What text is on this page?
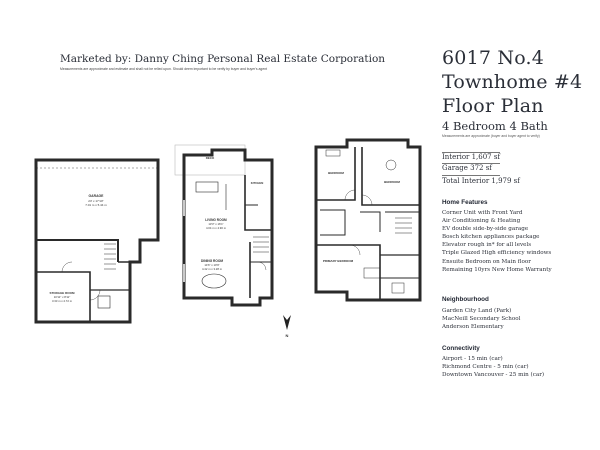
Marketed by: Danny Ching Personal Real Estate Corporation
Measurements are approximate and estimate and shall not be relied upon. Should deem important to be verify by buyer and buyer's agent	6017 No.4
Townhome #4
Floor Plan
4 Bedroom 4 Bath
Measurements are approximate (buyer and buyer agent to verify)
Interior 1,607 sf
Garage 372 sf
Total Interior 1,979 sf
Home Features
Corner Unit with Front Yard
Air Conditioning & Heating
EV double side-by-side garage
Bosch kitchen appliances package
Elevator rough in* for all levels
Triple Glazed High efficiency windows
Ensuite Bedroom on Main floor
Remaining 10yrs New Home Warranty
Neighbourhood
Garden City Land (Park)
MacNeill Secondary School
Anderson Elementary
Connectivity
Airport - 15 min (car)
Richmond Centre - 5 min (car)
Downtown Vancouver - 25 min (car)
GARAGE
23' x 17'10"
7.01 m x 5.44 m
STORAGE ROOM
10'11" x 8'11"
3.33 m x 2.72 m
DECK
KITCHEN
LIVING ROOM
13'3" x 16'1"
4.04 m x 4.90 m
DINING ROOM
14'6" x 10'9"
4.42 m x 3.28 m
N
BEDROOM
BEDROOM
PRIMARY BEDROOM
